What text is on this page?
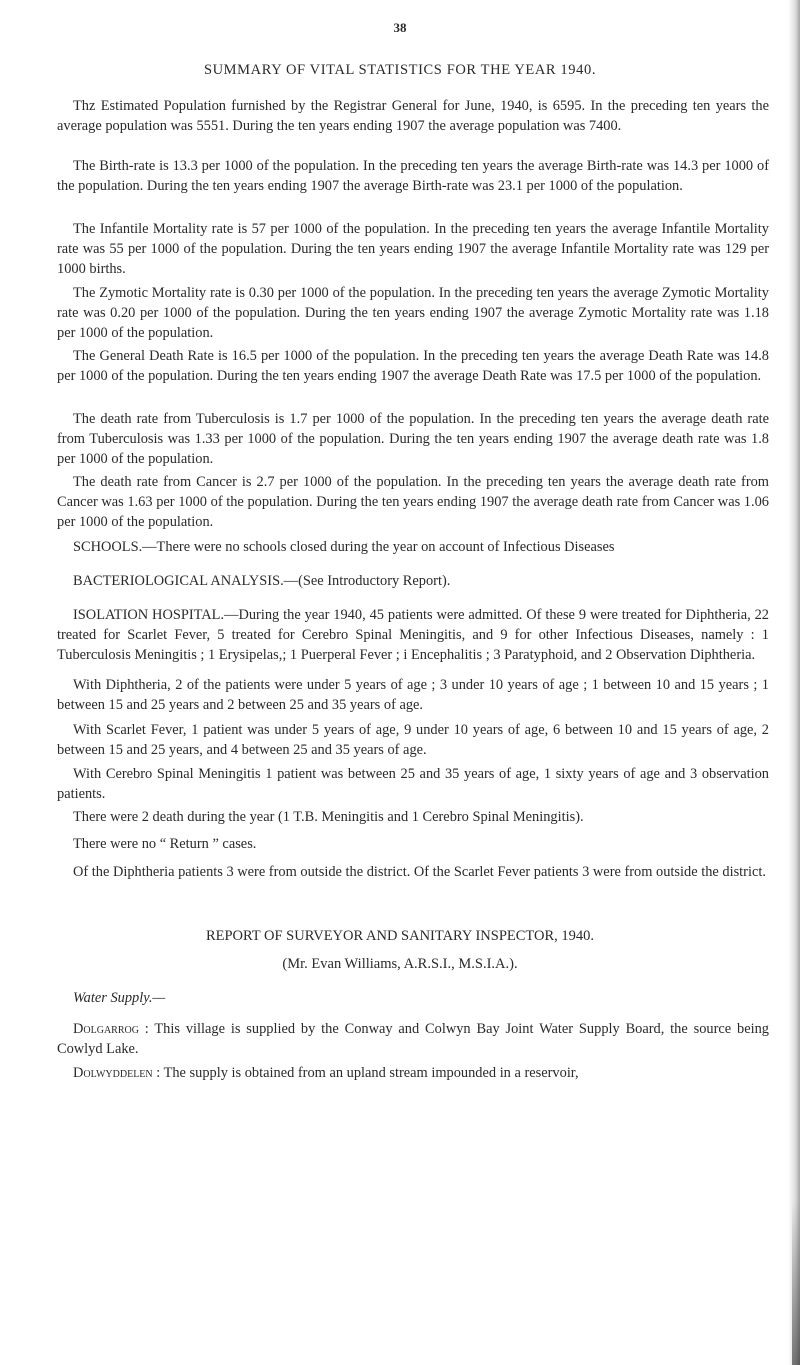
38
SUMMARY OF VITAL STATISTICS FOR THE YEAR 1940.

Thz Estimated Population furnished by the Registrar General for June, 1940, is 6595. In the preceding ten years the average population was 5551. During the ten years ending 1907 the average population was 7400.

The Birth-rate is 13.3 per 1000 of the population. In the preceding ten years the average Birth-rate was 14.3 per 1000 of the population. During the ten years ending 1907 the average Birth-rate was 23.1 per 1000 of the population.

The Infantile Mortality rate is 57 per 1000 of the population. In the preceding ten years the average Infantile Mortality rate was 55 per 1000 of the population. During the ten years ending 1907 the average Infantile Mortality rate was 129 per 1000 births.

The Zymotic Mortality rate is 0.30 per 1000 of the population. In the preceding ten years the average Zymotic Mortality rate was 0.20 per 1000 of the population. During the ten years ending 1907 the average Zymotic Mortality rate was 1.18 per 1000 of the population.

The General Death Rate is 16.5 per 1000 of the population. In the preceding ten years the average Death Rate was 14.8 per 1000 of the population. During the ten years ending 1907 the average Death Rate was 17.5 per 1000 of the population.

The death rate from Tuberculosis is 1.7 per 1000 of the population. In the preceding ten years the average death rate from Tuberculosis was 1.33 per 1000 of the population. During the ten years ending 1907 the average death rate was 1.8 per 1000 of the population.

The death rate from Cancer is 2.7 per 1000 of the population. In the preceding ten years the average death rate from Cancer was 1.63 per 1000 of the population. During the ten years ending 1907 the average death rate from Cancer was 1.06 per 1000 of the population.

SCHOOLS.—There were no schools closed during the year on account of Infectious Diseases

BACTERIOLOGICAL ANALYSIS.—(See Introductory Report).

ISOLATION HOSPITAL.—During the year 1940, 45 patients were admitted. Of these 9 were treated for Diphtheria, 22 treated for Scarlet Fever, 5 treated for Cerebro Spinal Meningitis, and 9 for other Infectious Diseases, namely : 1 Tuberculosis Meningitis ; 1 Erysipelas,; 1 Puerperal Fever ; i Encephalitis ; 3 Paratyphoid, and 2 Observation Diphtheria.

With Diphtheria, 2 of the patients were under 5 years of age ; 3 under 10 years of age ; 1 between 10 and 15 years ; 1 between 15 and 25 years and 2 between 25 and 35 years of age.

With Scarlet Fever, 1 patient was under 5 years of age, 9 under 10 years of age, 6 between 10 and 15 years of age, 2 between 15 and 25 years, and 4 between 25 and 35 years of age.

With Cerebro Spinal Meningitis 1 patient was between 25 and 35 years of age, 1 sixty years of age and 3 observation patients.

There were 2 death during the year (1 T.B. Meningitis and 1 Cerebro Spinal Meningitis).

There were no “ Return ” cases.

Of the Diphtheria patients 3 were from outside the district. Of the Scarlet Fever patients 3 were from outside the district.

REPORT OF SURVEYOR AND SANITARY INSPECTOR, 1940.
(Mr. Evan Williams, A.R.S.I., M.S.I.A.).

Water Supply.—

Dolgarrog : This village is supplied by the Conway and Colwyn Bay Joint Water Supply Board, the source being Cowlyd Lake.

Dolwyddelen : The supply is obtained from an upland stream impounded in a reservoir,
